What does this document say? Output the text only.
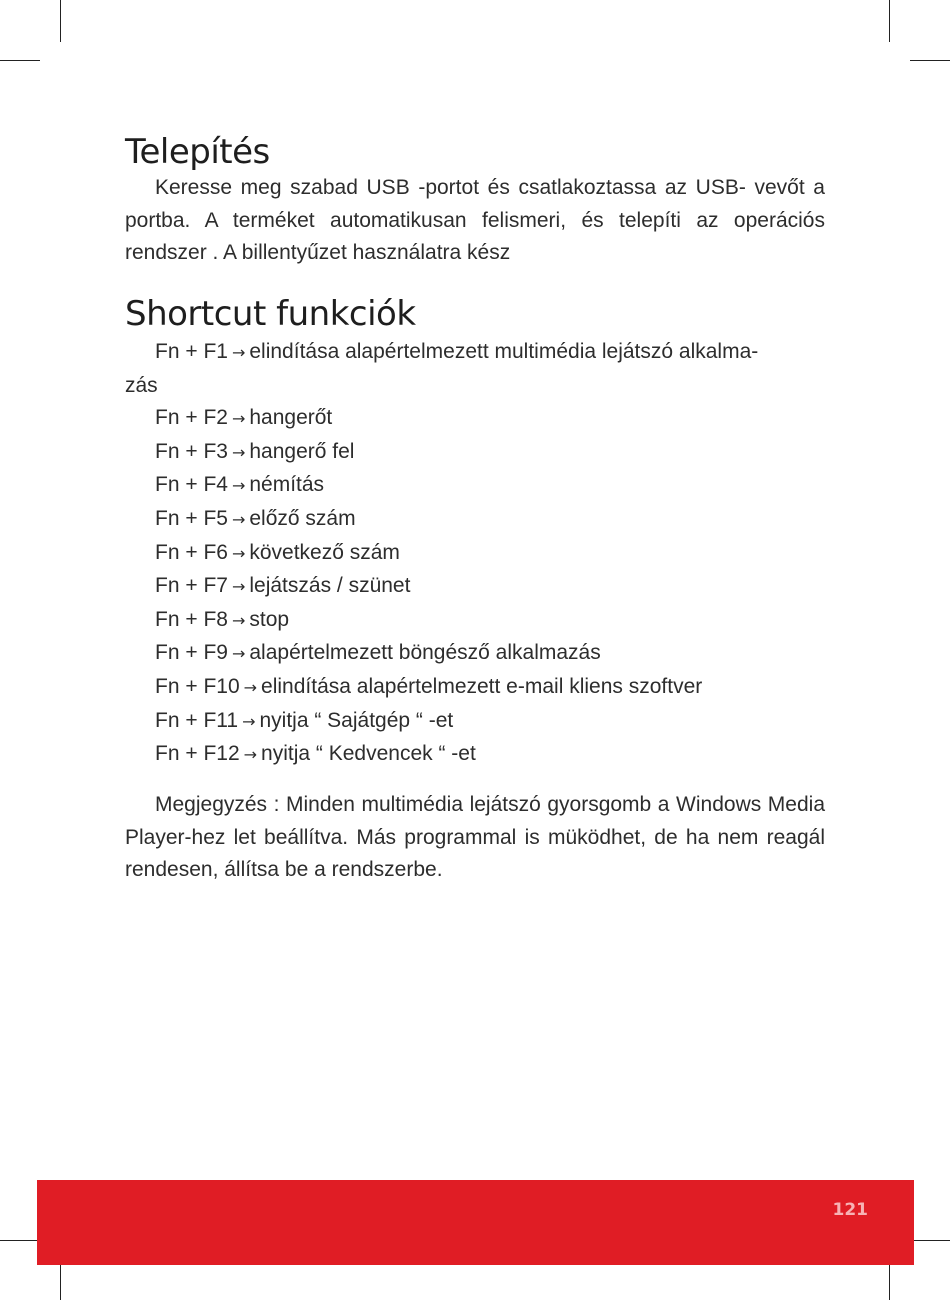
Telepítés

Keresse meg szabad USB -portot és csatlakoztassa az USB- vevőt a portba. A terméket automatikusan felismeri, és telepíti az operációs rendszer . A billentyűzet használatra kész

Shortcut funkciók
Fn + F1 → elindítása alapértelmezett multimédia lejátszó alkalma-
zás
Fn + F2 → hangerőt
Fn + F3 → hangerő fel
Fn + F4 → némítás
Fn + F5 → előző szám
Fn + F6 → következő szám
Fn + F7 → lejátszás / szünet
Fn + F8 → stop
Fn + F9 → alapértelmezett böngésző alkalmazás
Fn + F10 → elindítása alapértelmezett e-mail kliens szoftver
Fn + F11 → nyitja “ Sajátgép “ -et
Fn + F12 → nyitja “ Kedvencek “ -et

Megjegyzés : Minden multimédia lejátszó gyorsgomb a Windows Media Player-hez let beállítva. Más programmal is müködhet, de ha nem reagál rendesen, állítsa be a rendszerbe.

121
